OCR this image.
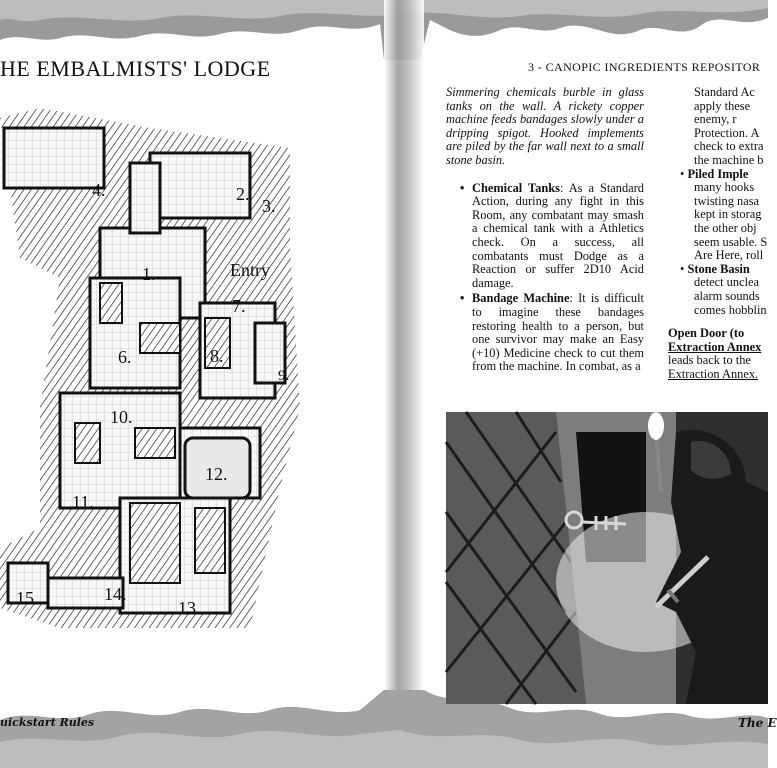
HE EMBALMISTS' LODGE
1.
2.
3.
4.
6.
7.
8.
9.
10.
11.
12.
13.
14.
15.
Entry
uickstart Rules
3 - CANOPIC INGREDIENTS REPOSITOR

Simmering chemicals burble in glass tanks on the wall. A rickety copper machine feeds bandages slowly under a dripping spigot. Hooked implements are piled by the far wall next to a small stone basin.

• Chemical Tanks: As a Standard Action, during any fight in this Room, any combatant may smash a chemical tank with a Athletics check. On a success, all combatants must Dodge as a Reaction or suffer 2D10 Acid damage.
• Bandage Machine: It is difficult to imagine these bandages restoring health to a person, but one survivor may make an Easy (+10) Medicine check to cut them from the machine. In combat, as a

Standard Ac

apply these

enemy, r

Protection. A

check to extra

the machine b

• Piled Imple

many hooks

twisting nasa

kept in storag

the other obj

seem usable. S

Are Here, roll

• Stone Basin

detect unclea

alarm sounds

comes hobblin

Open Door (to

Extraction Annex

leads back to the

Extraction Annex.

The E
